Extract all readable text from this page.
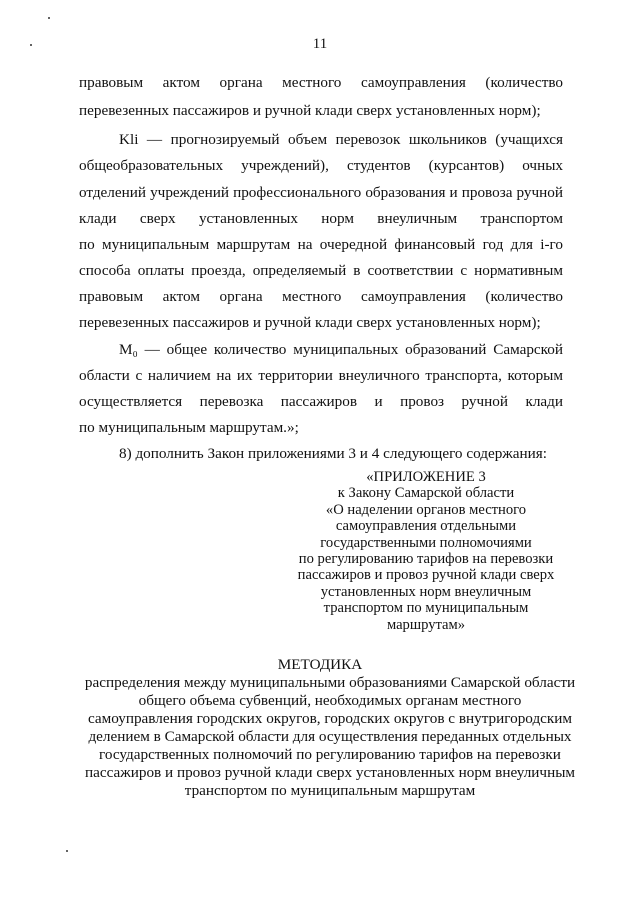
11
правовым актом органа местного самоуправления (количество
перевезенных пассажиров и ручной клади сверх установленных норм);
Kli — прогнозируемый объем перевозок школьников (учащихся
общеобразовательных учреждений), студентов (курсантов) очных
отделений учреждений профессионального образования и провоза ручной
клади сверх установленных норм внеуличным транспортом
по муниципальным маршрутам на очередной финансовый год для i-го
способа оплаты проезда, определяемый в соответствии с нормативным
правовым актом органа местного самоуправления (количество
перевезенных пассажиров и ручной клади сверх установленных норм);
М₀ — общее количество муниципальных образований Самарской
области с наличием на их территории внеуличного транспорта, которым
осуществляется перевозка пассажиров и провоз ручной клади
по муниципальным маршрутам.»;
8) дополнить Закон приложениями 3 и 4 следующего содержания:
«ПРИЛОЖЕНИЕ 3
к Закону Самарской области
«О наделении органов местного
самоуправления отдельными
государственными полномочиями
по регулированию тарифов на перевозки
пассажиров и провоз ручной клади сверх
установленных норм внеуличным
транспортом по муниципальным
маршрутам»
МЕТОДИКА
распределения между муниципальными образованиями Самарской области
общего объема субвенций, необходимых органам местного
самоуправления городских округов, городских округов с внутригородским
делением в Самарской области для осуществления переданных отдельных
государственных полномочий по регулированию тарифов на перевозки
пассажиров и провоз ручной клади сверх установленных норм внеуличным
транспортом по муниципальным маршрутам
